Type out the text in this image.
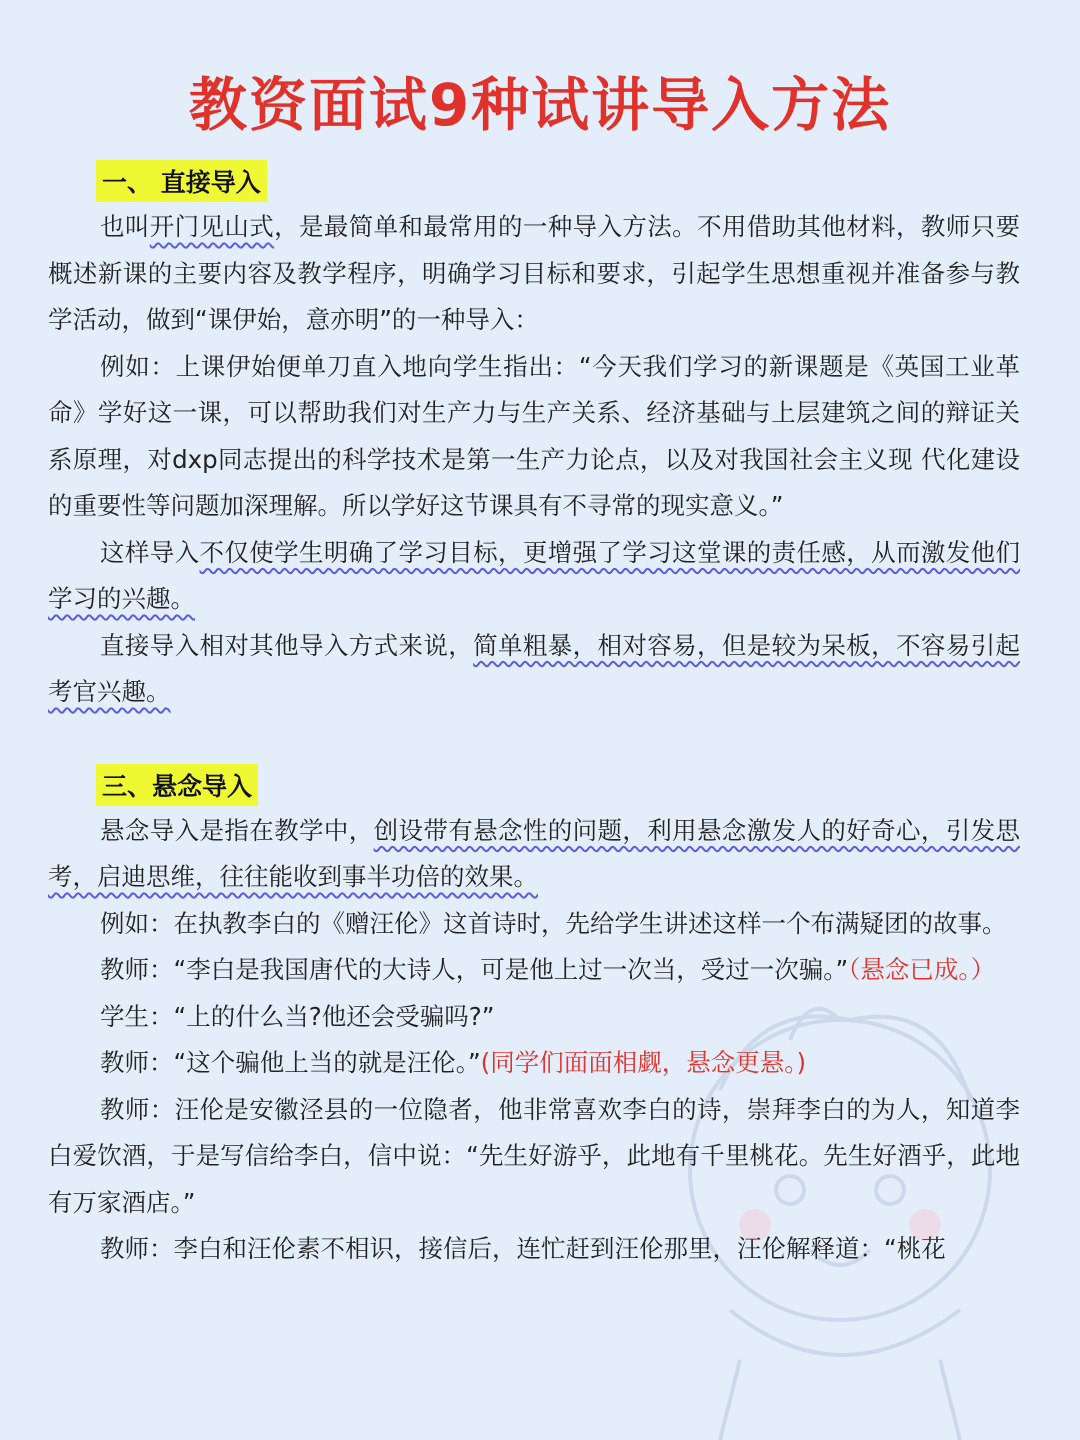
教资面试9种试讲导入方法
一、 直接导入

也叫开门见山式，是最简单和最常用的一种导入方法。不用借助其他材料，教师只要概述新课的主要内容及教学程序，明确学习目标和要求，引起学生思想重视并准备参与教学活动，做到“课伊始，意亦明”的一种导入：

例如：上课伊始便单刀直入地向学生指出：“今天我们学习的新课题是《英国工业革命》学好这一课，可以帮助我们对生产力与生产关系、经济基础与上层建筑之间的辩证关系原理，对dxp同志提出的科学技术是第一生产力论点，以及对我国社会主义现 代化建设的重要性等问题加深理解。所以学好这节课具有不寻常的现实意义。”

这样导入不仅使学生明确了学习目标，更增强了学习这堂课的责任感，从而激发他们学习的兴趣。

直接导入相对其他导入方式来说，简单粗暴，相对容易，但是较为呆板，不容易引起考官兴趣。

三、悬念导入

悬念导入是指在教学中，创设带有悬念性的问题，利用悬念激发人的好奇心，引发思考，启迪思维，往往能收到事半功倍的效果。

例如：在执教李白的《赠汪伦》这首诗时，先给学生讲述这样一个布满疑团的故事。

教师：“李白是我国唐代的大诗人，可是他上过一次当，受过一次骗。”（悬念已成。）

学生：“上的什么当?他还会受骗吗?”

教师：“这个骗他上当的就是汪伦。”(同学们面面相觑，悬念更悬。)

教师：汪伦是安徽泾县的一位隐者，他非常喜欢李白的诗，崇拜李白的为人，知道李白爱饮酒，于是写信给李白，信中说：“先生好游乎，此地有千里桃花。先生好酒乎，此地有万家酒店。”

教师：李白和汪伦素不相识，接信后，连忙赶到汪伦那里，汪伦解释道：“桃花
